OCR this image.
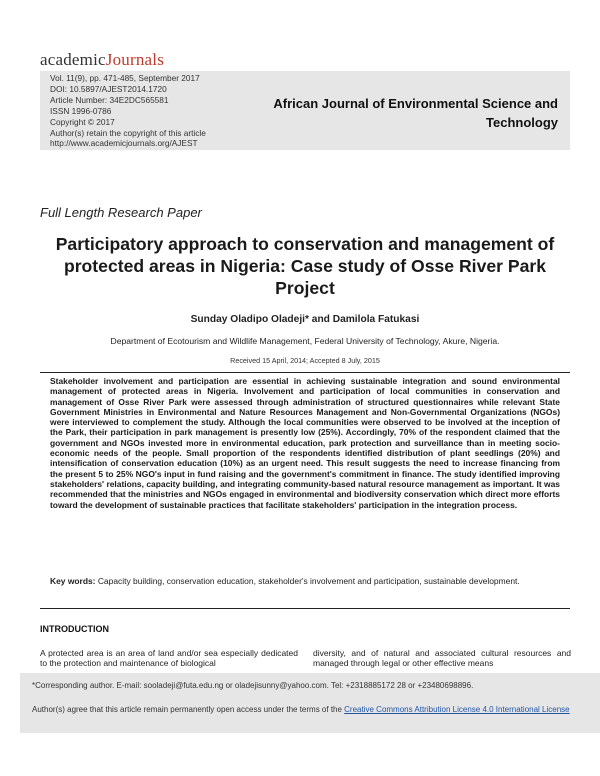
academicJournals
Vol. 11(9), pp. 471-485, September 2017
DOI: 10.5897/AJEST2014.1720
Article Number: 34E2DC565581
ISSN 1996-0786
Copyright © 2017
Author(s) retain the copyright of this article
http://www.academicjournals.org/AJEST
African Journal of Environmental Science and Technology
Full Length Research Paper
Participatory approach to conservation and management of protected areas in Nigeria: Case study of Osse River Park Project
Sunday Oladipo Oladeji* and Damilola Fatukasi
Department of Ecotourism and Wildlife Management, Federal University of Technology, Akure, Nigeria.
Received 15 April, 2014; Accepted 8 July, 2015
Stakeholder involvement and participation are essential in achieving sustainable integration and sound environmental management of protected areas in Nigeria. Involvement and participation of local communities in conservation and management of Osse River Park were assessed through administration of structured questionnaires while relevant State Government Ministries in Environmental and Nature Resources Management and Non-Governmental Organizations (NGOs) were interviewed to complement the study. Although the local communities were observed to be involved at the inception of the Park, their participation in park management is presently low (25%). Accordingly, 70% of the respondent claimed that the government and NGOs invested more in environmental education, park protection and surveillance than in meeting socio-economic needs of the people. Small proportion of the respondents identified distribution of plant seedlings (20%) and intensification of conservation education (10%) as an urgent need. This result suggests the need to increase financing from the present 5 to 25% NGO's input in fund raising and the government's commitment in finance. The study identified improving stakeholders' relations, capacity building, and integrating community-based natural resource management as important. It was recommended that the ministries and NGOs engaged in environmental and biodiversity conservation which direct more efforts toward the development of sustainable practices that facilitate stakeholders' participation in the integration process.
Key words: Capacity building, conservation education, stakeholder's involvement and participation, sustainable development.
INTRODUCTION
A protected area is an area of land and/or sea especially dedicated to the protection and maintenance of biological
diversity, and of natural and associated cultural resources and managed through legal or other effective means
*Corresponding author. E-mail: sooladeji@futa.edu.ng or oladejisunny@yahoo.com. Tel: +2318885172 28 or +23480698896.
Author(s) agree that this article remain permanently open access under the terms of the Creative Commons Attribution License 4.0 International License
